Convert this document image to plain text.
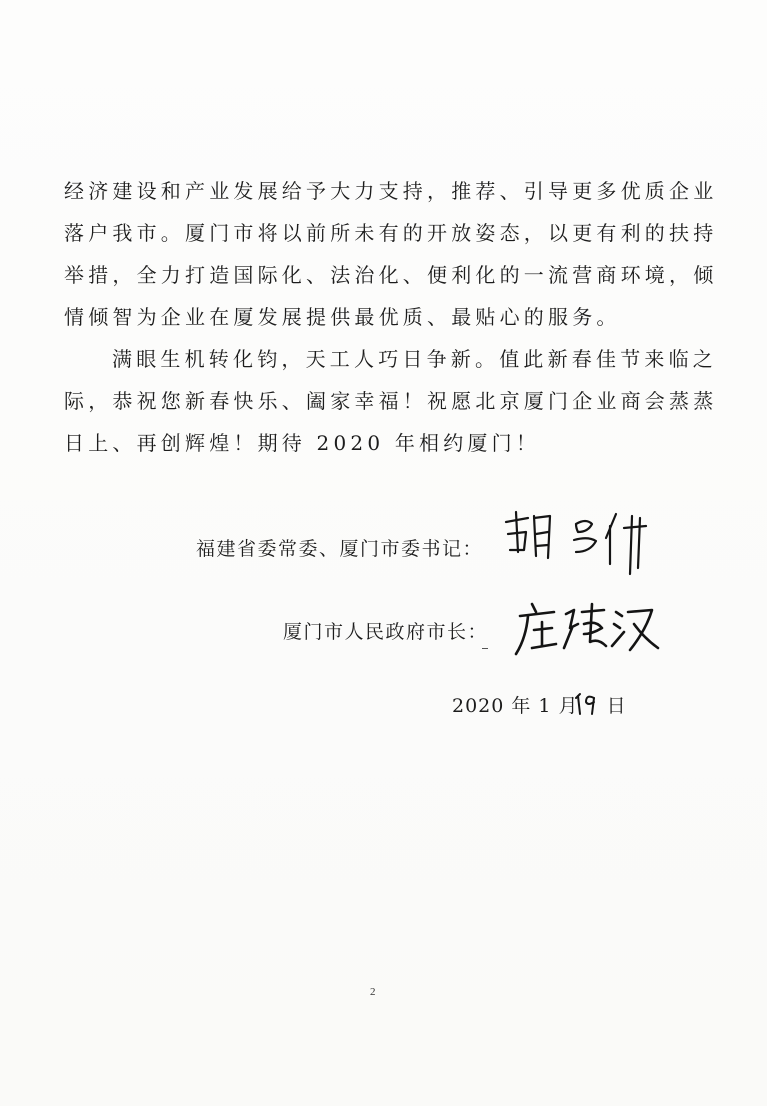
经济建设和产业发展给予大力支持，推荐、引导更多优质企业
落户我市。厦门市将以前所未有的开放姿态，以更有利的扶持
举措，全力打造国际化、法治化、便利化的一流营商环境，倾
情倾智为企业在厦发展提供最优质、最贴心的服务。

满眼生机转化钧，天工人巧日争新。值此新春佳节来临之
际，恭祝您新春快乐、阖家幸福！祝愿北京厦门企业商会蒸蒸
日上、再创辉煌！期待 2020 年相约厦门！

福建省委常委、厦门市委书记：
厦门市人民政府市长：
2020 年 1 月 日
2
